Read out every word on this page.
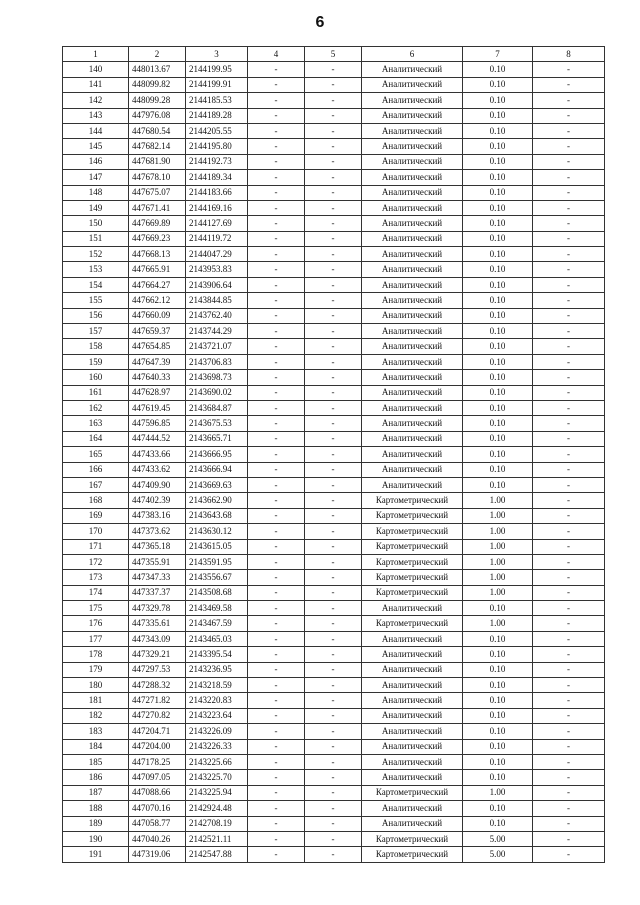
6
1	2	3	4	5	6	7	8
140	448013.67	2144199.95	-	-	Аналитический	0.10	-
141	448099.82	2144199.91	-	-	Аналитический	0.10	-
142	448099.28	2144185.53	-	-	Аналитический	0.10	-
143	447976.08	2144189.28	-	-	Аналитический	0.10	-
144	447680.54	2144205.55	-	-	Аналитический	0.10	-
145	447682.14	2144195.80	-	-	Аналитический	0.10	-
146	447681.90	2144192.73	-	-	Аналитический	0.10	-
147	447678.10	2144189.34	-	-	Аналитический	0.10	-
148	447675.07	2144183.66	-	-	Аналитический	0.10	-
149	447671.41	2144169.16	-	-	Аналитический	0.10	-
150	447669.89	2144127.69	-	-	Аналитический	0.10	-
151	447669.23	2144119.72	-	-	Аналитический	0.10	-
152	447668.13	2144047.29	-	-	Аналитический	0.10	-
153	447665.91	2143953.83	-	-	Аналитический	0.10	-
154	447664.27	2143906.64	-	-	Аналитический	0.10	-
155	447662.12	2143844.85	-	-	Аналитический	0.10	-
156	447660.09	2143762.40	-	-	Аналитический	0.10	-
157	447659.37	2143744.29	-	-	Аналитический	0.10	-
158	447654.85	2143721.07	-	-	Аналитический	0.10	-
159	447647.39	2143706.83	-	-	Аналитический	0.10	-
160	447640.33	2143698.73	-	-	Аналитический	0.10	-
161	447628.97	2143690.02	-	-	Аналитический	0.10	-
162	447619.45	2143684.87	-	-	Аналитический	0.10	-
163	447596.85	2143675.53	-	-	Аналитический	0.10	-
164	447444.52	2143665.71	-	-	Аналитический	0.10	-
165	447433.66	2143666.95	-	-	Аналитический	0.10	-
166	447433.62	2143666.94	-	-	Аналитический	0.10	-
167	447409.90	2143669.63	-	-	Аналитический	0.10	-
168	447402.39	2143662.90	-	-	Картометрический	1.00	-
169	447383.16	2143643.68	-	-	Картометрический	1.00	-
170	447373.62	2143630.12	-	-	Картометрический	1.00	-
171	447365.18	2143615.05	-	-	Картометрический	1.00	-
172	447355.91	2143591.95	-	-	Картометрический	1.00	-
173	447347.33	2143556.67	-	-	Картометрический	1.00	-
174	447337.37	2143508.68	-	-	Картометрический	1.00	-
175	447329.78	2143469.58	-	-	Аналитический	0.10	-
176	447335.61	2143467.59	-	-	Картометрический	1.00	-
177	447343.09	2143465.03	-	-	Аналитический	0.10	-
178	447329.21	2143395.54	-	-	Аналитический	0.10	-
179	447297.53	2143236.95	-	-	Аналитический	0.10	-
180	447288.32	2143218.59	-	-	Аналитический	0.10	-
181	447271.82	2143220.83	-	-	Аналитический	0.10	-
182	447270.82	2143223.64	-	-	Аналитический	0.10	-
183	447204.71	2143226.09	-	-	Аналитический	0.10	-
184	447204.00	2143226.33	-	-	Аналитический	0.10	-
185	447178.25	2143225.66	-	-	Аналитический	0.10	-
186	447097.05	2143225.70	-	-	Аналитический	0.10	-
187	447088.66	2143225.94	-	-	Картометрический	1.00	-
188	447070.16	2142924.48	-	-	Аналитический	0.10	-
189	447058.77	2142708.19	-	-	Аналитический	0.10	-
190	447040.26	2142521.11	-	-	Картометрический	5.00	-
191	447319.06	2142547.88	-	-	Картометрический	5.00	-
